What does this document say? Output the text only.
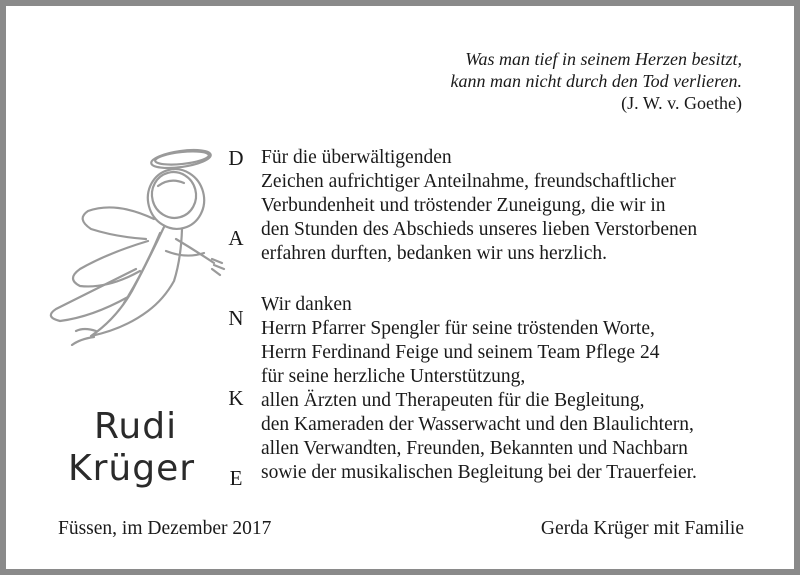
Was man tief in seinem Herzen besitzt,
kann man nicht durch den Tod verlieren.
(J. W. v. Goethe)
Rudi
Krüger
D
A
N
K
E
Für die überwältigenden
Zeichen aufrichtiger Anteilnahme, freundschaftlicher
Verbundenheit und tröstender Zuneigung, die wir in
den Stunden des Abschieds unseres lieben Verstorbenen
erfahren durften, bedanken wir uns herzlich.
Wir danken
Herrn Pfarrer Spengler für seine tröstenden Worte,
Herrn Ferdinand Feige und seinem Team Pflege 24
für seine herzliche Unterstützung,
allen Ärzten und Therapeuten für die Begleitung,
den Kameraden der Wasserwacht und den Blaulichtern,
allen Verwandten, Freunden, Bekannten und Nachbarn
sowie der musikalischen Begleitung bei der Trauerfeier.
Füssen, im Dezember 2017	Gerda Krüger mit Familie
